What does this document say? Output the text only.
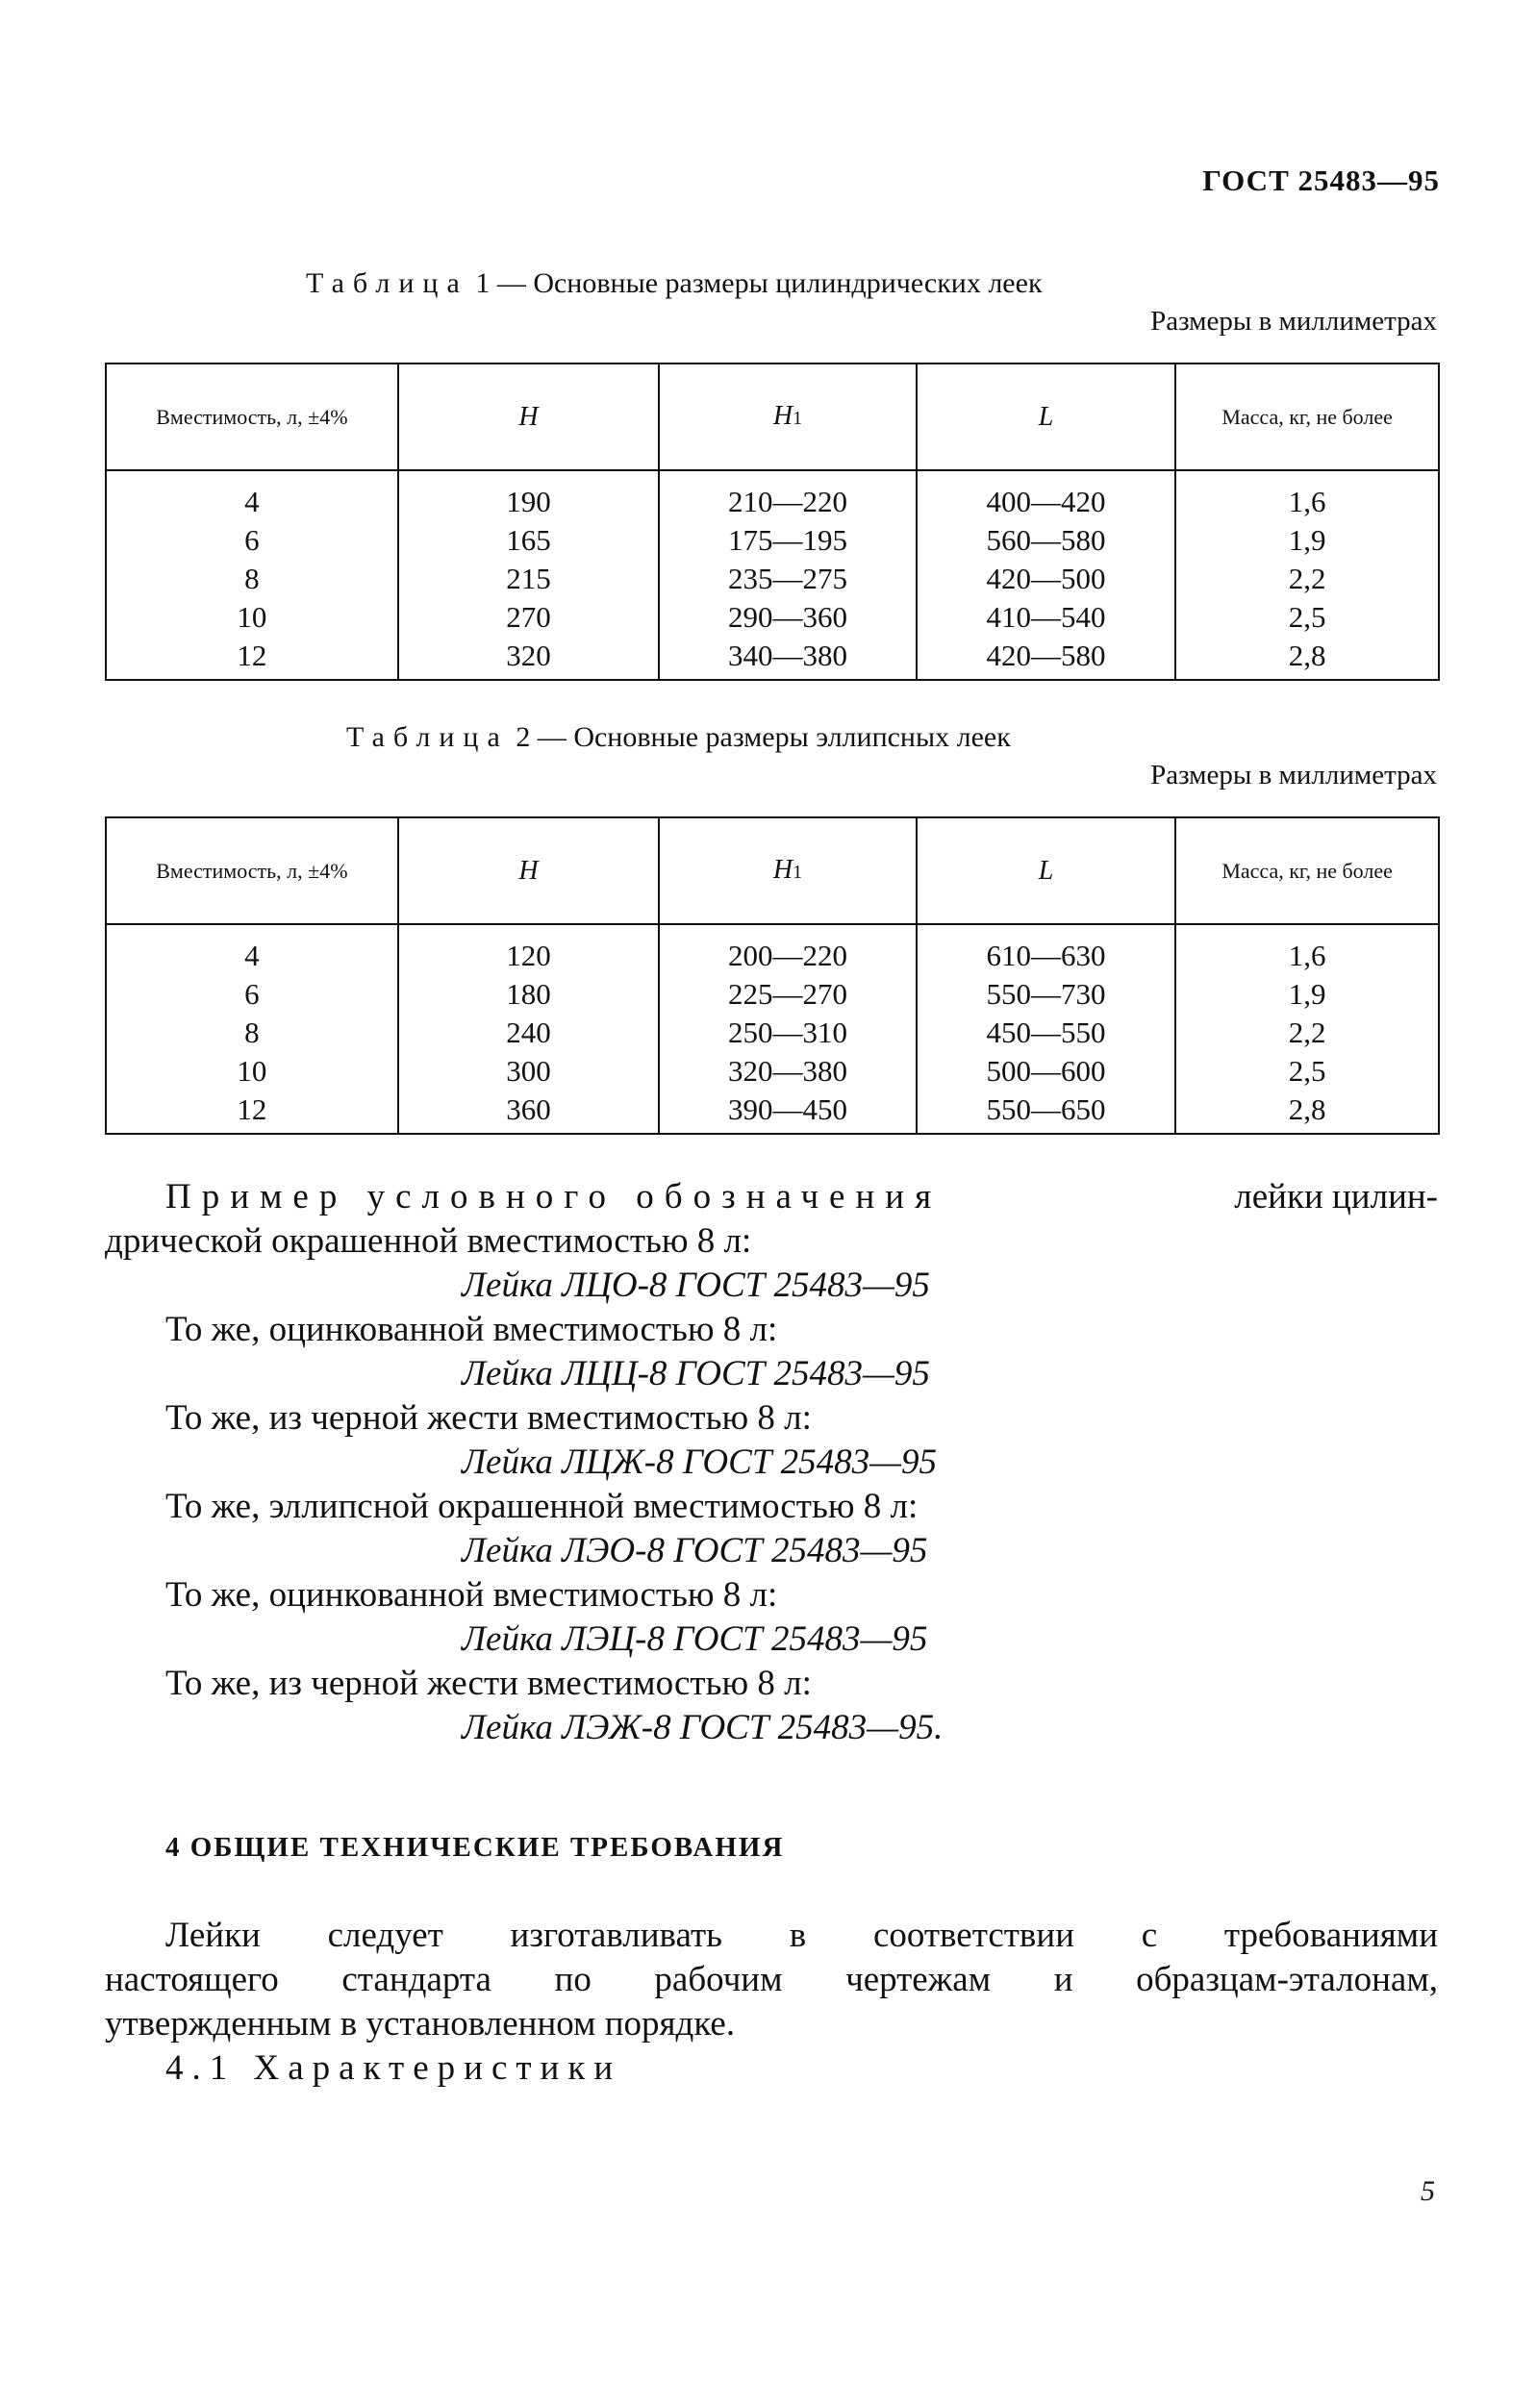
ГОСТ 25483—95
Таблица 1 — Основные размеры цилиндрических леек
Размеры в миллиметрах
Вместимость, л, ±4%	H	H1	L	Масса, кг, не более
4	190	210—220	400—420	1,6
6	165	175—195	560—580	1,9
8	215	235—275	420—500	2,2
10	270	290—360	410—540	2,5
12	320	340—380	420—580	2,8
Таблица 2 — Основные размеры эллипсных леек
Размеры в миллиметрах
Вместимость, л, ±4%	H	H1	L	Масса, кг, не более
4	120	200—220	610—630	1,6
6	180	225—270	550—730	1,9
8	240	250—310	450—550	2,2
10	300	320—380	500—600	2,5
12	360	390—450	550—650	2,8
Пример условного обозначения	лейки цилин-
дрической окрашенной вместимостью 8 л:
Лейка ЛЦО-8 ГОСТ 25483—95
То же, оцинкованной вместимостью 8 л:
Лейка ЛЦЦ-8 ГОСТ 25483—95
То же, из черной жести вместимостью 8 л:
Лейка ЛЦЖ-8 ГОСТ 25483—95
То же, эллипсной окрашенной вместимостью 8 л:
Лейка ЛЭО-8 ГОСТ 25483—95
То же, оцинкованной вместимостью 8 л:
Лейка ЛЭЦ-8 ГОСТ 25483—95
То же, из черной жести вместимостью 8 л:
Лейка ЛЭЖ-8 ГОСТ 25483—95.
4 ОБЩИЕ ТЕХНИЧЕСКИЕ ТРЕБОВАНИЯ
Лейки следует изготавливать в соответствии с требованиями
настоящего стандарта по рабочим чертежам и образцам-эталонам,
утвержденным в установленном порядке.
4.1 Характеристики
5
